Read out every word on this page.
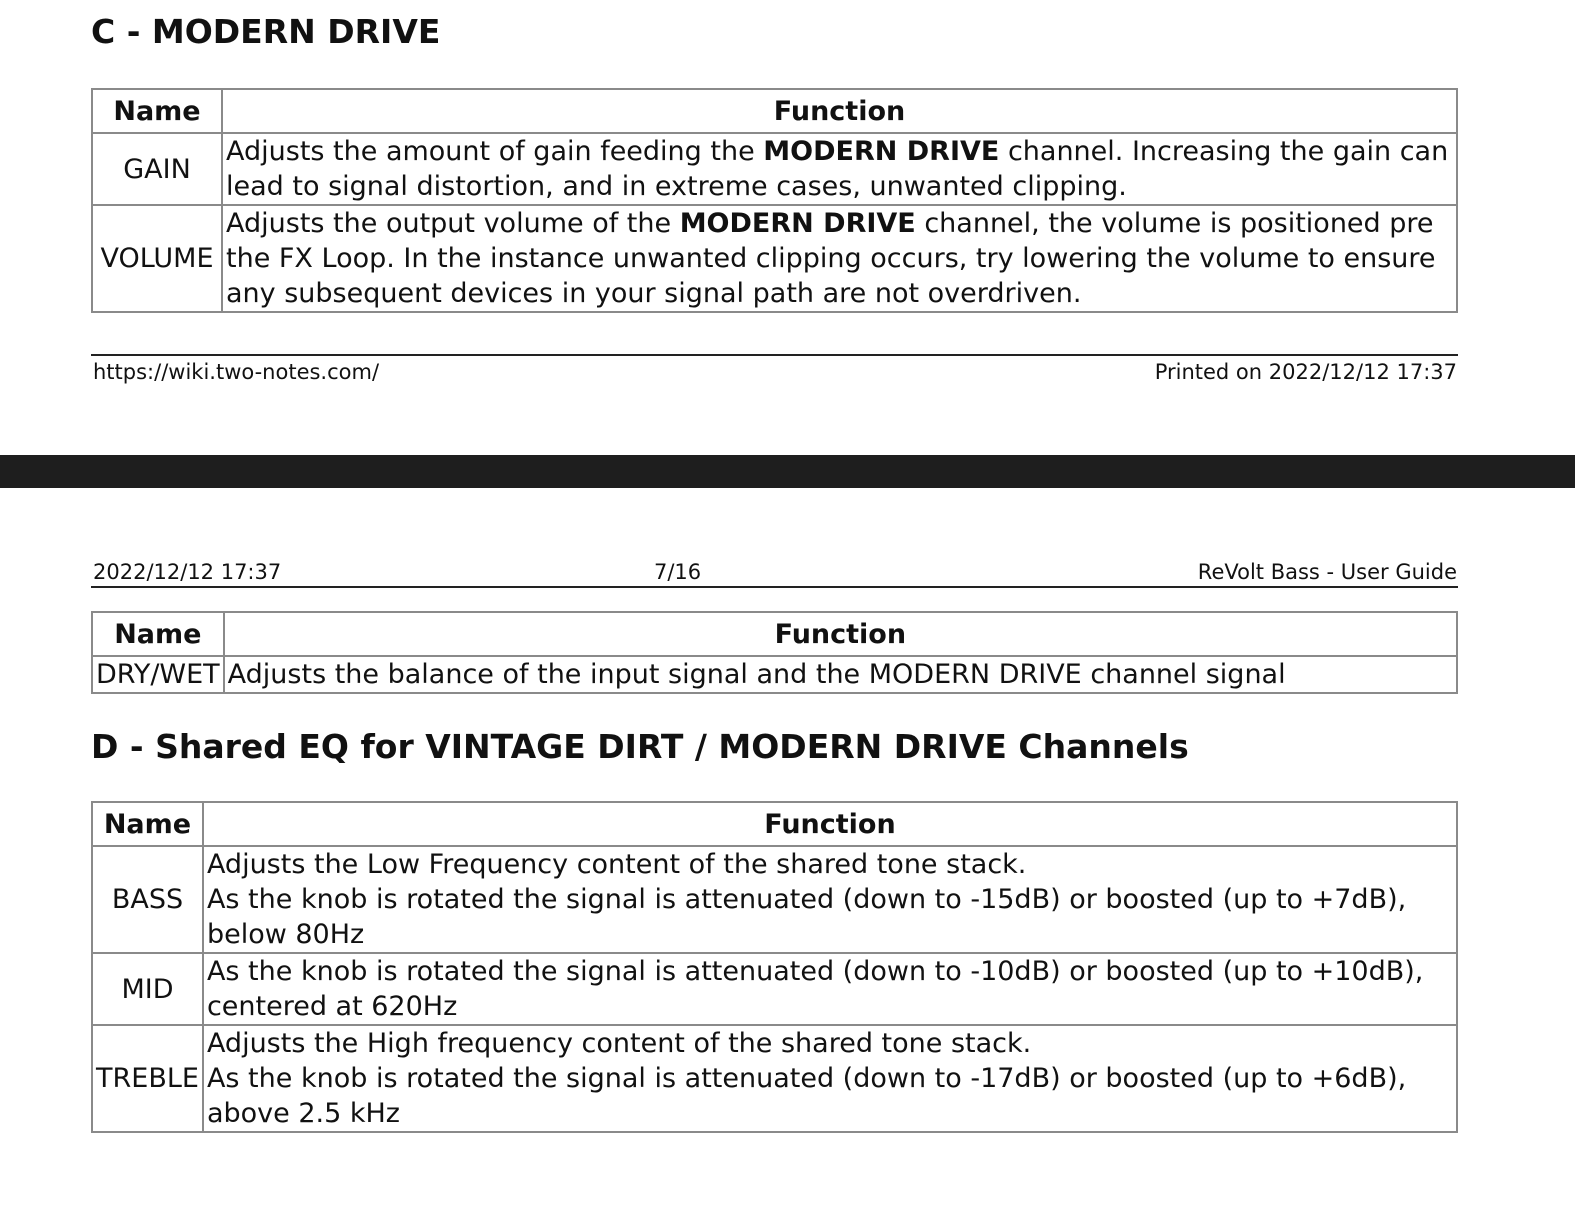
C - MODERN DRIVE
Name	Function
GAIN	Adjusts the amount of gain feeding the MODERN DRIVE channel. Increasing the gain can lead to signal distortion, and in extreme cases, unwanted clipping.
VOLUME	Adjusts the output volume of the MODERN DRIVE channel, the volume is positioned pre the FX Loop. In the instance unwanted clipping occurs, try lowering the volume to ensure any subsequent devices in your signal path are not overdriven.
https://wiki.two-notes.com/	Printed on 2022/12/12 17:37
2022/12/12 17:37	7/16	ReVolt Bass - User Guide
Name	Function
DRY/WET	Adjusts the balance of the input signal and the MODERN DRIVE channel signal
D - Shared EQ for VINTAGE DIRT / MODERN DRIVE Channels
Name	Function
BASS	Adjusts the Low Frequency content of the shared tone stack.
As the knob is rotated the signal is attenuated (down to -15dB) or boosted (up to +7dB), below 80Hz
MID	As the knob is rotated the signal is attenuated (down to -10dB) or boosted (up to +10dB), centered at 620Hz
TREBLE	Adjusts the High frequency content of the shared tone stack.
As the knob is rotated the signal is attenuated (down to -17dB) or boosted (up to +6dB), above 2.5 kHz
